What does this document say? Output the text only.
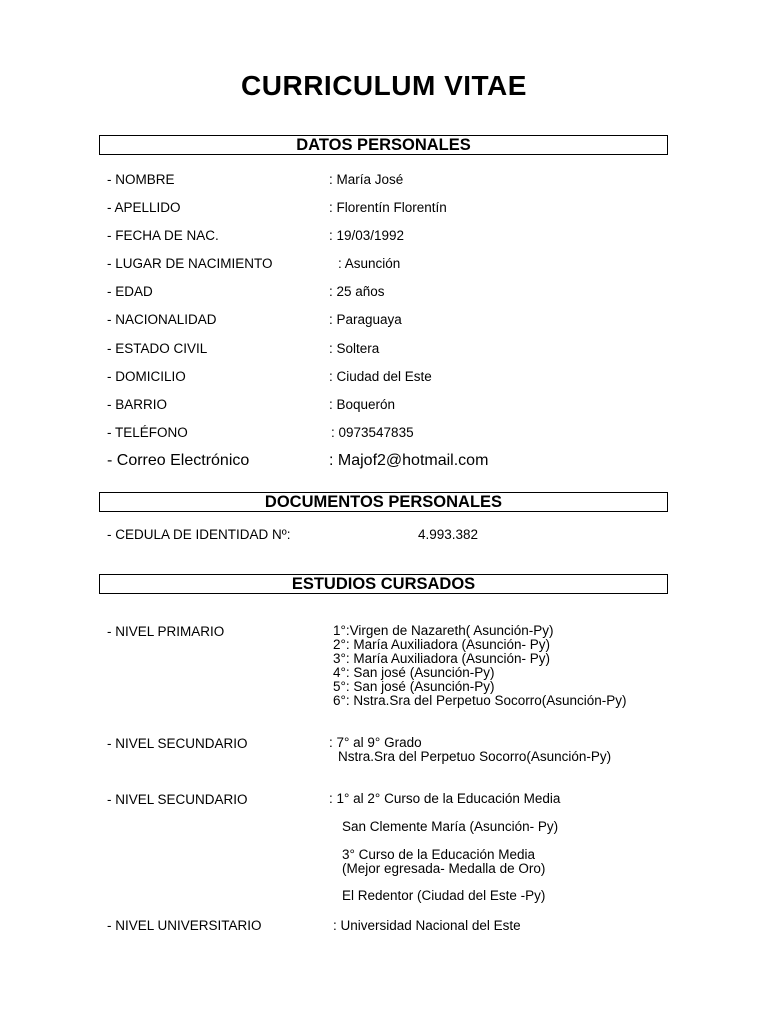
CURRICULUM VITAE
DATOS PERSONALES
- NOMBRE	: María José
- APELLIDO	: Florentín Florentín
- FECHA DE NAC.	: 19/03/1992
- LUGAR DE NACIMIENTO	: Asunción
- EDAD	: 25 años
- NACIONALIDAD	: Paraguaya
- ESTADO CIVIL	: Soltera
- DOMICILIO	: Ciudad del Este
- BARRIO	: Boquerón
- TELÉFONO	: 0973547835
- Correo Electrónico	: Majof2@hotmail.com
DOCUMENTOS PERSONALES
- CEDULA DE IDENTIDAD Nº:	4.993.382
ESTUDIOS CURSADOS
- NIVEL PRIMARIO	1°:Virgen de Nazareth( Asunción-Py)
2°: María Auxiliadora (Asunción- Py)
3°: María Auxiliadora (Asunción- Py)
4°: San josé (Asunción-Py)
5°: San josé (Asunción-Py)
6°: Nstra.Sra del Perpetuo Socorro(Asunción-Py)
- NIVEL SECUNDARIO	: 7° al 9° Grado
Nstra.Sra del Perpetuo Socorro(Asunción-Py)
- NIVEL SECUNDARIO	: 1° al 2° Curso de la Educación Media
San Clemente María (Asunción- Py)
3° Curso de la Educación Media
(Mejor egresada- Medalla de Oro)
El Redentor (Ciudad del Este -Py)
- NIVEL UNIVERSITARIO	: Universidad Nacional del Este
